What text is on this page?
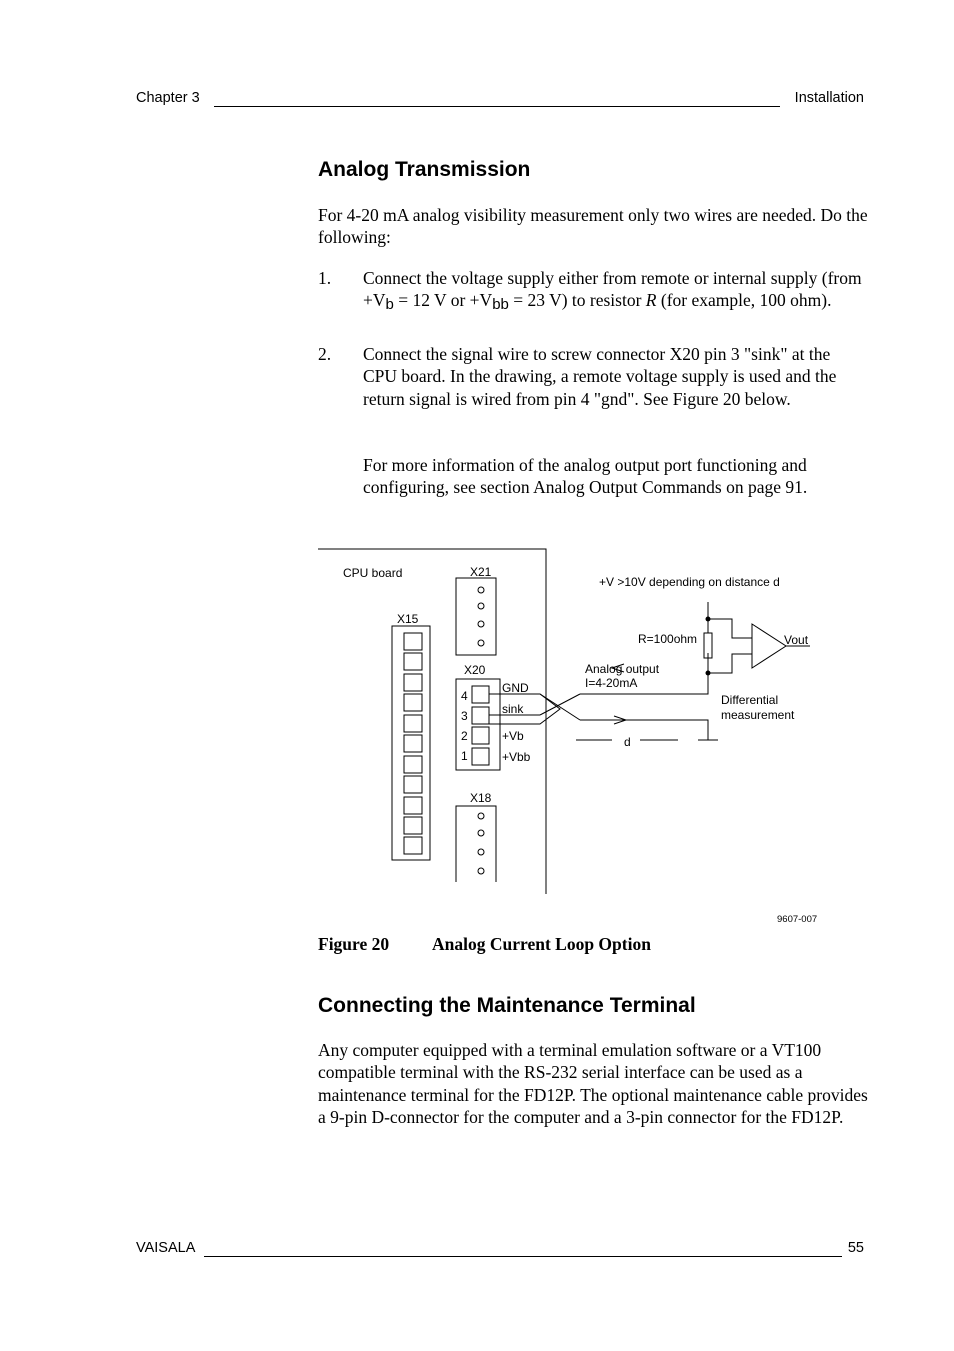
Chapter 3	Installation
Analog Transmission

For 4-20 mA analog visibility measurement only two wires are needed. Do the following:

1. Connect the voltage supply either from remote or internal supply (from $+V_b = 12$ V or $+V_{bb} = 23$ V) to resistor R (for example, 100 ohm).
2. Connect the signal wire to screw connector X20 pin 3 "sink" at the CPU board. In the drawing, a remote voltage supply is used and the return signal is wired from pin 4 "gnd". See Figure 20 below.
For more information of the analog output port functioning and configuring, see section Analog Output Commands on page 91.
CPU board	X21
X15
X20
X18
4
3
2
1
GND
sink
+Vb
+Vbb
+V >10V depending on distance d
R=100ohm	Vout
Analog output
I=4-20mA
Differential
measurement
d
9607-007
Figure 20 Analog Current Loop Option
Connecting the Maintenance Terminal

Any computer equipped with a terminal emulation software or a VT100 compatible terminal with the RS-232 serial interface can be used as a maintenance terminal for the FD12P. The optional maintenance cable provides a 9-pin D-connector for the computer and a 3-pin connector for the FD12P.

VAISALA	55
